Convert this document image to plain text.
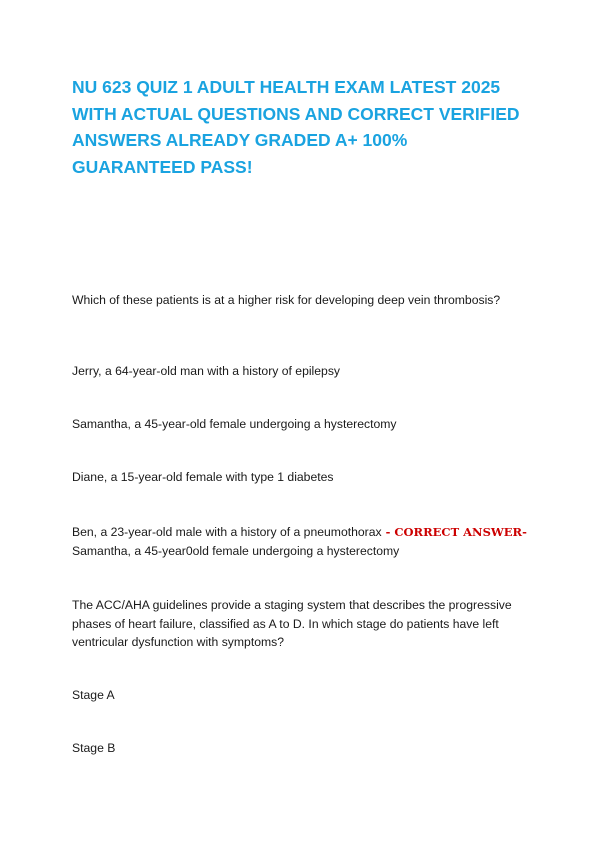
NU 623 QUIZ 1 ADULT HEALTH EXAM LATEST 2025 WITH ACTUAL QUESTIONS AND CORRECT VERIFIED ANSWERS ALREADY GRADED A+ 100% GUARANTEED PASS!

Which of these patients is at a higher risk for developing deep vein thrombosis?

Jerry, a 64-year-old man with a history of epilepsy

Samantha, a 45-year-old female undergoing a hysterectomy

Diane, a 15-year-old female with type 1 diabetes

Ben, a 23-year-old male with a history of a pneumothorax - CORRECT ANSWER-Samantha, a 45-year0old female undergoing a hysterectomy

The ACC/AHA guidelines provide a staging system that describes the progressive phases of heart failure, classified as A to D. In which stage do patients have left ventricular dysfunction with symptoms?

Stage A

Stage B
